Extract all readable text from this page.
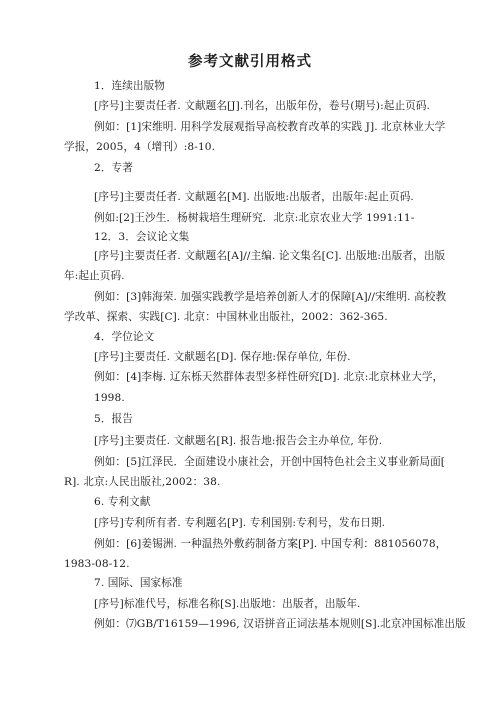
参考文献引用格式
1．连续出版物
[序号]主要责任者. 文献题名[J].刊名，出版年份，卷号(期号):起止页码.
例如：[1]宋维明. 用科学发展观指导高校教育改革的实践 J]. 北京林业大学
学报，2005，4（增刊）:8-10.
2．专著
[序号]主要责任者. 文献题名[M]. 出版地:出版者，出版年:起止页码.
例如:[2]王沙生．杨树栽培生理研究．北京:北京农业大学 1991:11-
12．3．会议论文集
[序号]主要责任者. 文献题名[A]//主编. 论文集名[C]. 出版地:出版者，出版
年:起止页码.
例如：[3]韩海荣. 加强实践教学是培养创新人才的保障[A]//宋维明. 高校教
学改革、探索、实践[C]. 北京：中国林业出版社，2002：362-365.
4．学位论文
[序号]主要责任. 文献题名[D]. 保存地:保存单位, 年份.
例如：[4]李梅. 辽东栎天然群体表型多样性研究[D]. 北京:北京林业大学，
1998.
5．报告
[序号]主要责任. 文献题名[R]. 报告地:报告会主办单位, 年份.
例如：[5]江泽民．全面建设小康社会，开创中国特色社会主义事业新局面[
R]. 北京:人民出版社,2002：38.
6. 专利文献
[序号]专利所有者. 专利题名[P]. 专利国别:专利号，发布日期.
例如：[6]姜锡洲. 一种温热外敷药制备方案[P]. 中国专利：881056078，
1983-08-12.
7. 国际、国家标准
[序号]标准代号，标准名称[S].出版地：出版者，出版年.
例如：⑺GB/T16159—1996, 汉语拼音正词法基本规则[S].北京冲国标准出版
